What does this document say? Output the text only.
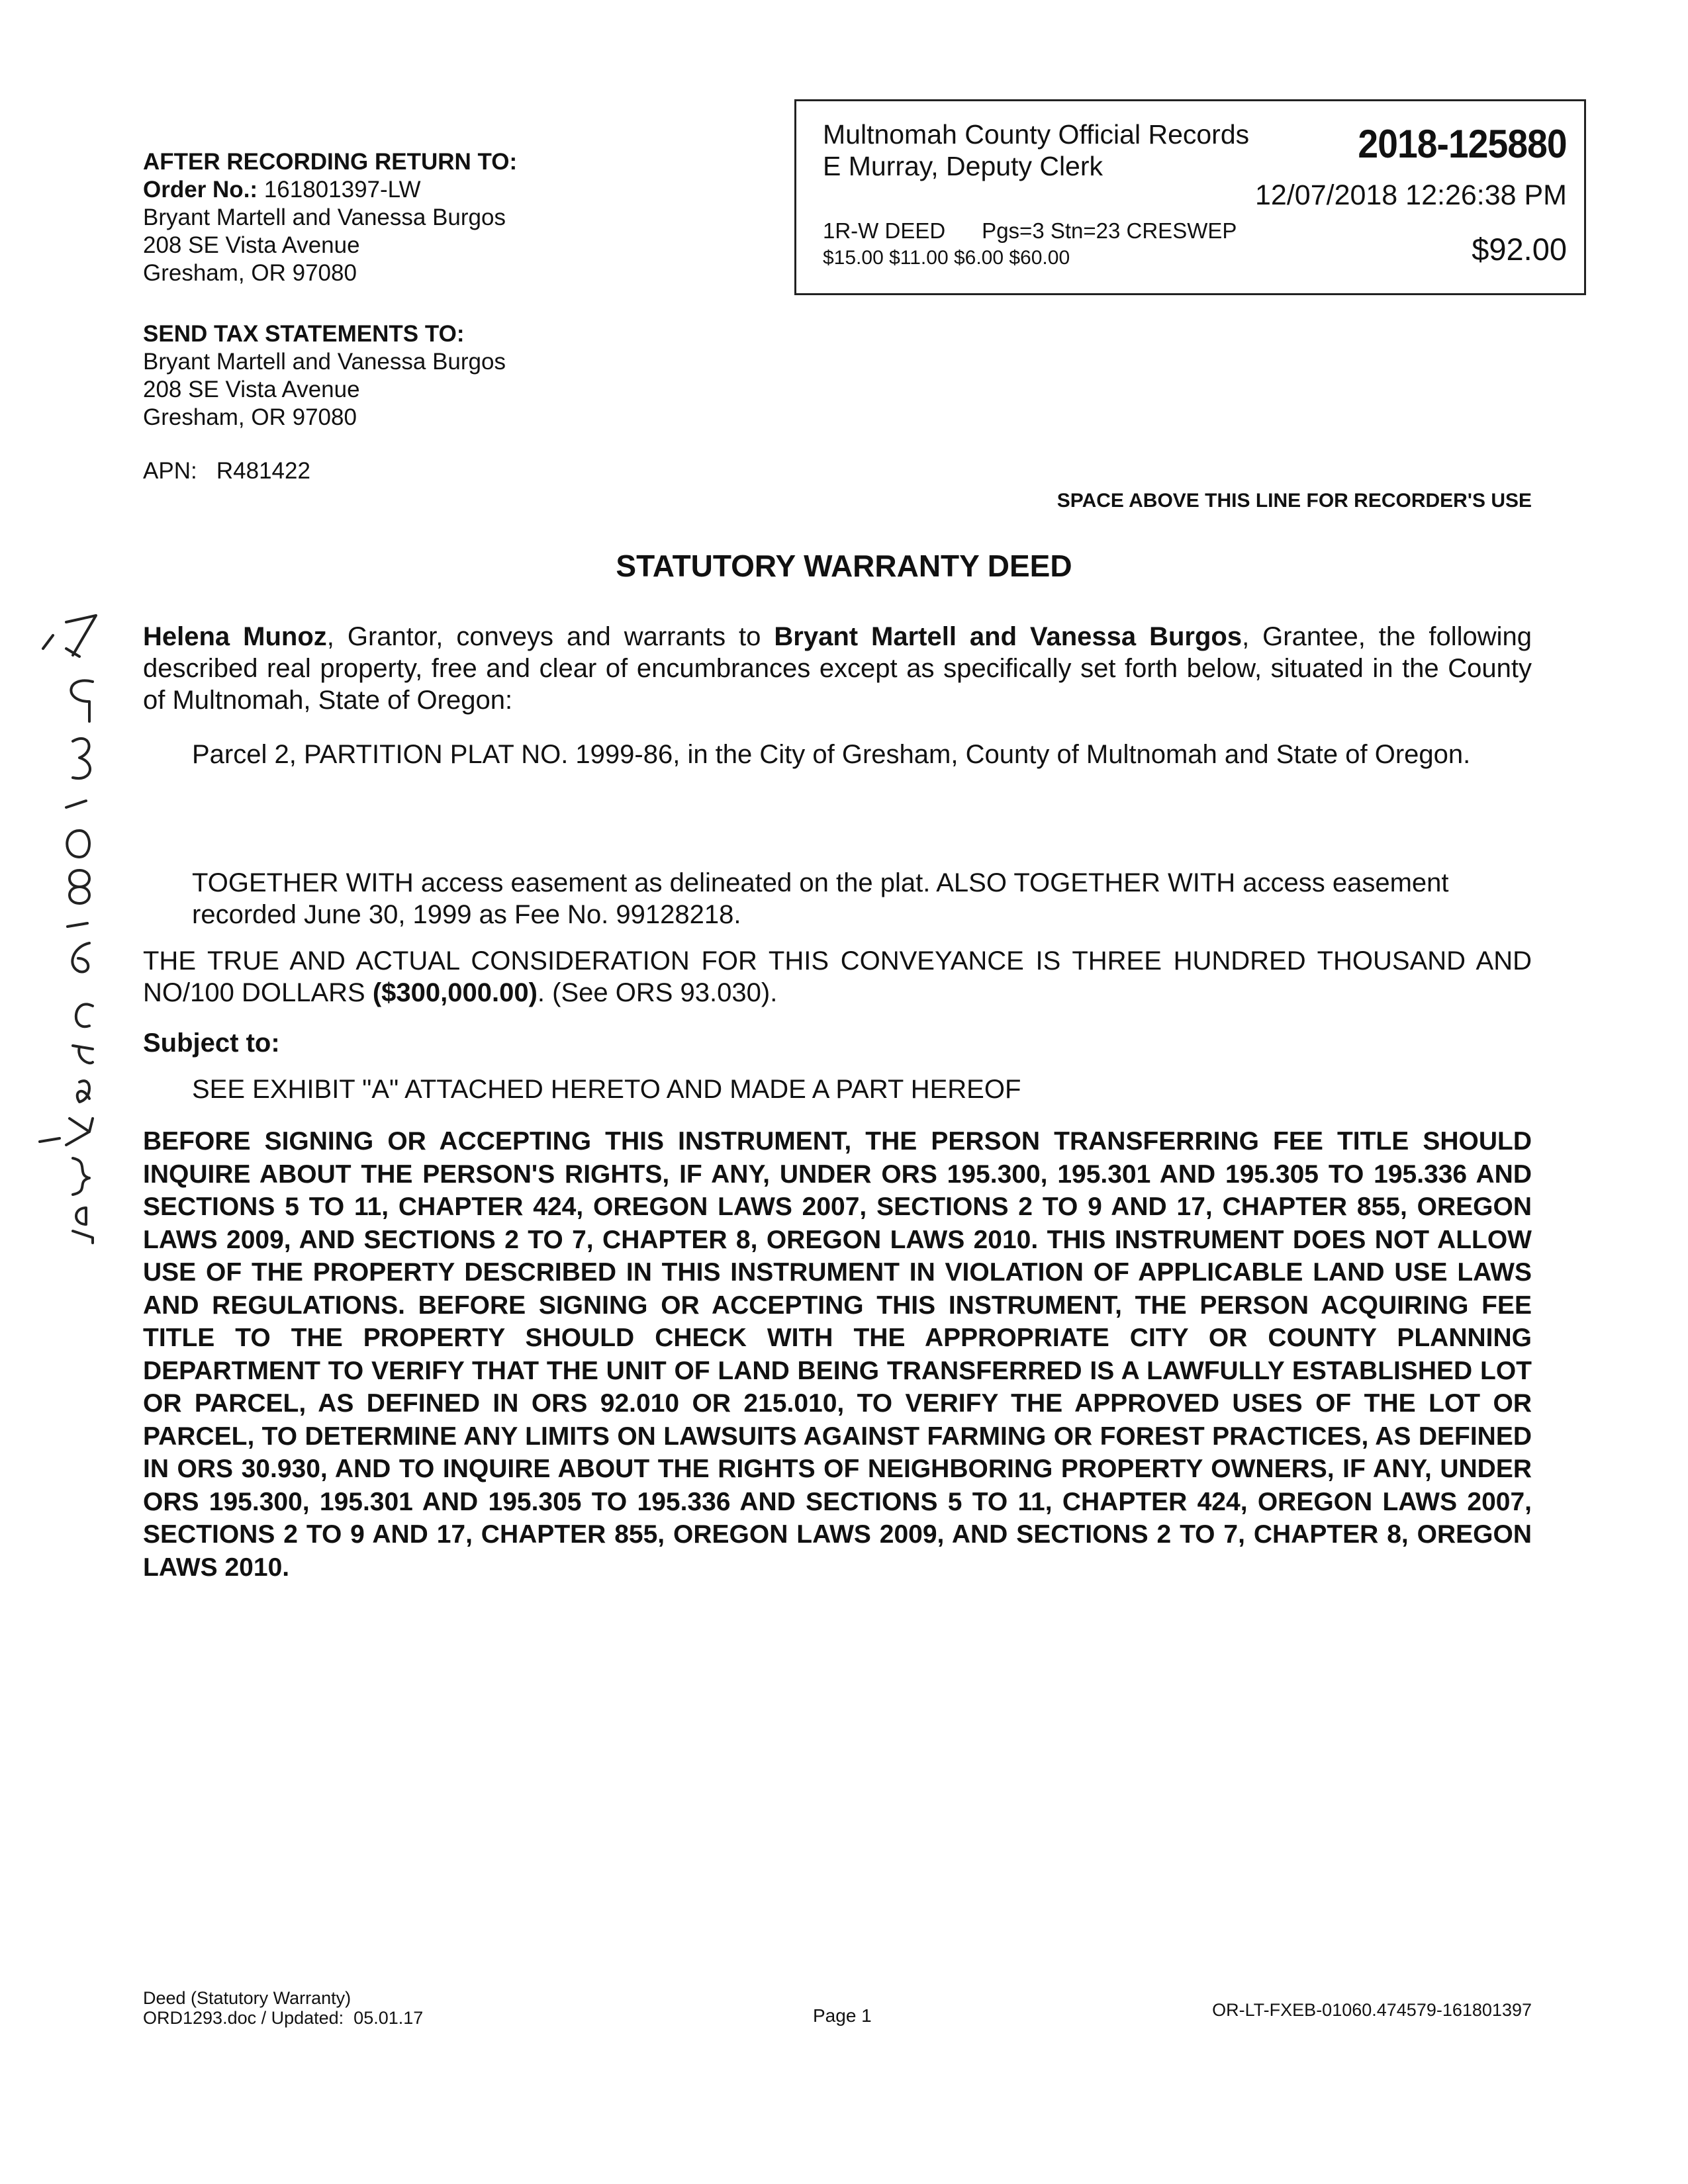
AFTER RECORDING RETURN TO:
Order No.: 161801397-LW
Bryant Martell and Vanessa Burgos
208 SE Vista Avenue
Gresham, OR 97080
Multnomah County Official Records
E Murray, Deputy Clerk	2018-125880
12/07/2018 12:26:38 PM
1R-W DEED      Pgs=3 Stn=23 CRESWEP
$15.00 $11.00 $6.00 $60.00	$92.00
SEND TAX STATEMENTS TO:
Bryant Martell and Vanessa Burgos
208 SE Vista Avenue
Gresham, OR 97080
APN:   R481422
SPACE ABOVE THIS LINE FOR RECORDER'S USE
STATUTORY WARRANTY DEED
Helena Munoz, Grantor, conveys and warrants to Bryant Martell and Vanessa Burgos, Grantee, the following described real property, free and clear of encumbrances except as specifically set forth below, situated in the County of Multnomah, State of Oregon:
Parcel 2, PARTITION PLAT NO. 1999-86, in the City of Gresham, County of Multnomah and State of Oregon.
TOGETHER WITH access easement as delineated on the plat. ALSO TOGETHER WITH access easement recorded June 30, 1999 as Fee No. 99128218.
THE TRUE AND ACTUAL CONSIDERATION FOR THIS CONVEYANCE IS THREE HUNDRED THOUSAND AND NO/100 DOLLARS ($300,000.00). (See ORS 93.030).
Subject to:
SEE EXHIBIT "A" ATTACHED HERETO AND MADE A PART HEREOF
BEFORE SIGNING OR ACCEPTING THIS INSTRUMENT, THE PERSON TRANSFERRING FEE TITLE SHOULD INQUIRE ABOUT THE PERSON'S RIGHTS, IF ANY, UNDER ORS 195.300, 195.301 AND 195.305 TO 195.336 AND SECTIONS 5 TO 11, CHAPTER 424, OREGON LAWS 2007, SECTIONS 2 TO 9 AND 17, CHAPTER 855, OREGON LAWS 2009, AND SECTIONS 2 TO 7, CHAPTER 8, OREGON LAWS 2010. THIS INSTRUMENT DOES NOT ALLOW USE OF THE PROPERTY DESCRIBED IN THIS INSTRUMENT IN VIOLATION OF APPLICABLE LAND USE LAWS AND REGULATIONS. BEFORE SIGNING OR ACCEPTING THIS INSTRUMENT, THE PERSON ACQUIRING FEE TITLE TO THE PROPERTY SHOULD CHECK WITH THE APPROPRIATE CITY OR COUNTY PLANNING DEPARTMENT TO VERIFY THAT THE UNIT OF LAND BEING TRANSFERRED IS A LAWFULLY ESTABLISHED LOT OR PARCEL, AS DEFINED IN ORS 92.010 OR 215.010, TO VERIFY THE APPROVED USES OF THE LOT OR PARCEL, TO DETERMINE ANY LIMITS ON LAWSUITS AGAINST FARMING OR FOREST PRACTICES, AS DEFINED IN ORS 30.930, AND TO INQUIRE ABOUT THE RIGHTS OF NEIGHBORING PROPERTY OWNERS, IF ANY, UNDER ORS 195.300, 195.301 AND 195.305 TO 195.336 AND SECTIONS 5 TO 11, CHAPTER 424, OREGON LAWS 2007, SECTIONS 2 TO 9 AND 17, CHAPTER 855, OREGON LAWS 2009, AND SECTIONS 2 TO 7, CHAPTER 8, OREGON LAWS 2010.
Deed (Statutory Warranty)
ORD1293.doc / Updated:  05.01.17	Page 1	OR-LT-FXEB-01060.474579-161801397
